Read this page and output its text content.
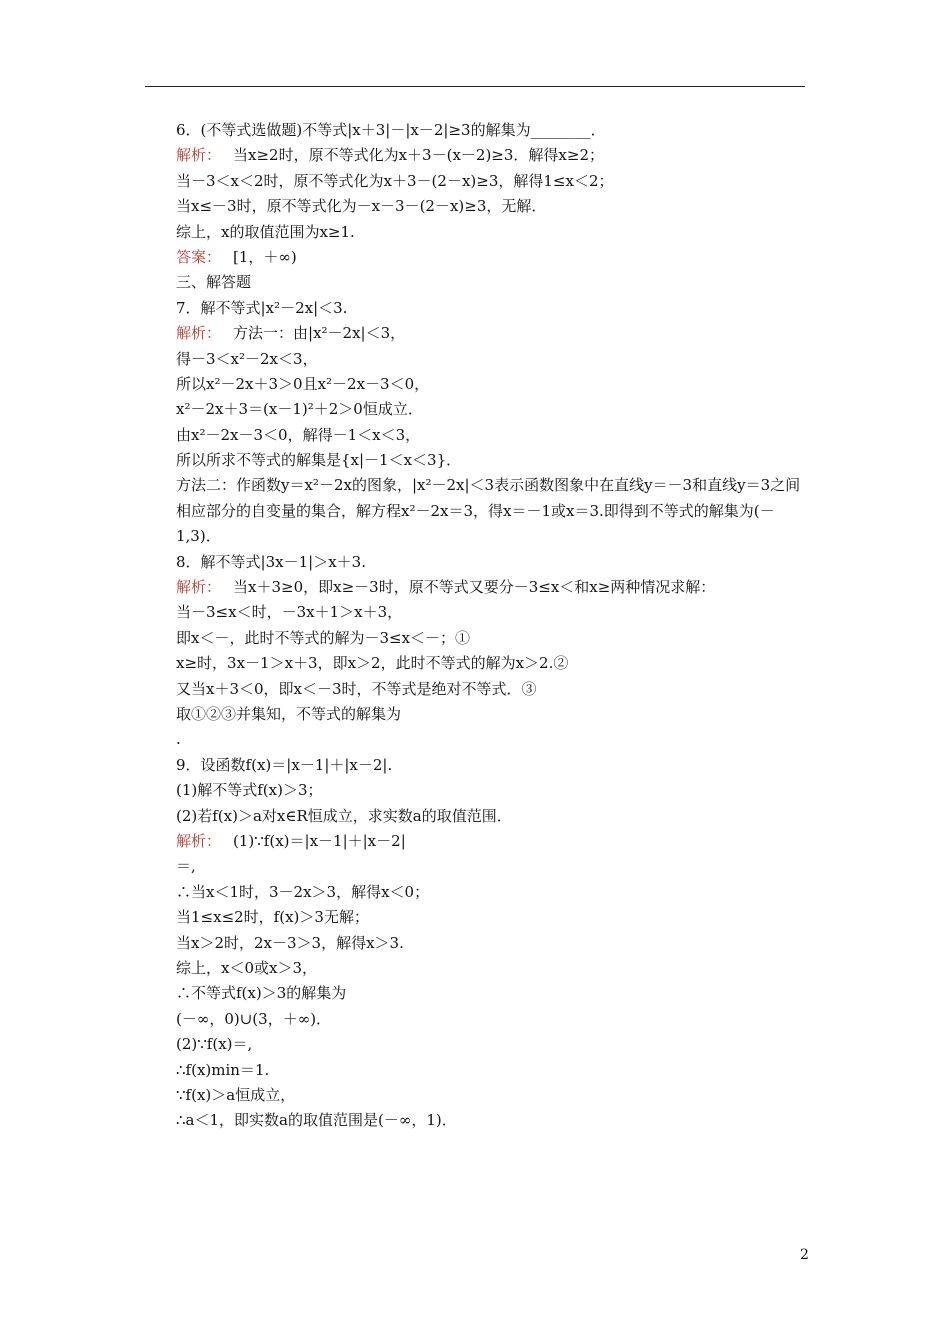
6．(不等式选做题)不等式|x＋3|－|x－2|≥3的解集为________．
解析： 当x≥2时，原不等式化为x＋3－(x－2)≥3．解得x≥2；
当－3＜x＜2时，原不等式化为x＋3－(2－x)≥3，解得1≤x＜2；
当x≤－3时，原不等式化为－x－3－(2－x)≥3，无解．
综上，x的取值范围为x≥1.
答案： [1，＋∞)
三、解答题
7．解不等式|x²－2x|＜3.
解析： 方法一：由|x²－2x|＜3，
得－3＜x²－2x＜3，
所以x²－2x＋3＞0且x²－2x－3＜0，
x²－2x＋3＝(x－1)²＋2＞0恒成立．
由x²－2x－3＜0，解得－1＜x＜3，
所以所求不等式的解集是{x|－1＜x＜3}．
方法二：作函数y＝x²－2x的图象，|x²－2x|＜3表示函数图象中在直线y＝－3和直线y＝3之间相应部分的自变量的集合，解方程x²－2x＝3，得x＝－1或x＝3.即得到不等式的解集为(－1,3)．
8．解不等式|3x－1|＞x＋3.
解析： 当x＋3≥0，即x≥－3时，原不等式又要分－3≤x＜和x≥两种情况求解：
当－3≤x＜时，－3x＋1＞x＋3，
即x＜－，此时不等式的解为－3≤x＜－；①
x≥时，3x－1＞x＋3，即x＞2，此时不等式的解为x＞2.②
又当x＋3＜0，即x＜－3时，不等式是绝对不等式．③
取①②③并集知，不等式的解集为
.
9．设函数f(x)＝|x－1|＋|x－2|.
(1)解不等式f(x)＞3；
(2)若f(x)＞a对x∈R恒成立，求实数a的取值范围．
解析： (1)∵f(x)＝|x－1|＋|x－2|
＝,
∴当x＜1时，3－2x＞3，解得x＜0；
当1≤x≤2时，f(x)＞3无解；
当x＞2时，2x－3＞3，解得x＞3.
综上，x＜0或x＞3，
∴不等式f(x)＞3的解集为
(－∞，0)∪(3，＋∞)．
(2)∵f(x)＝,
∴f(x)min＝1.
∵f(x)＞a恒成立，
∴a＜1，即实数a的取值范围是(－∞，1)．
2
